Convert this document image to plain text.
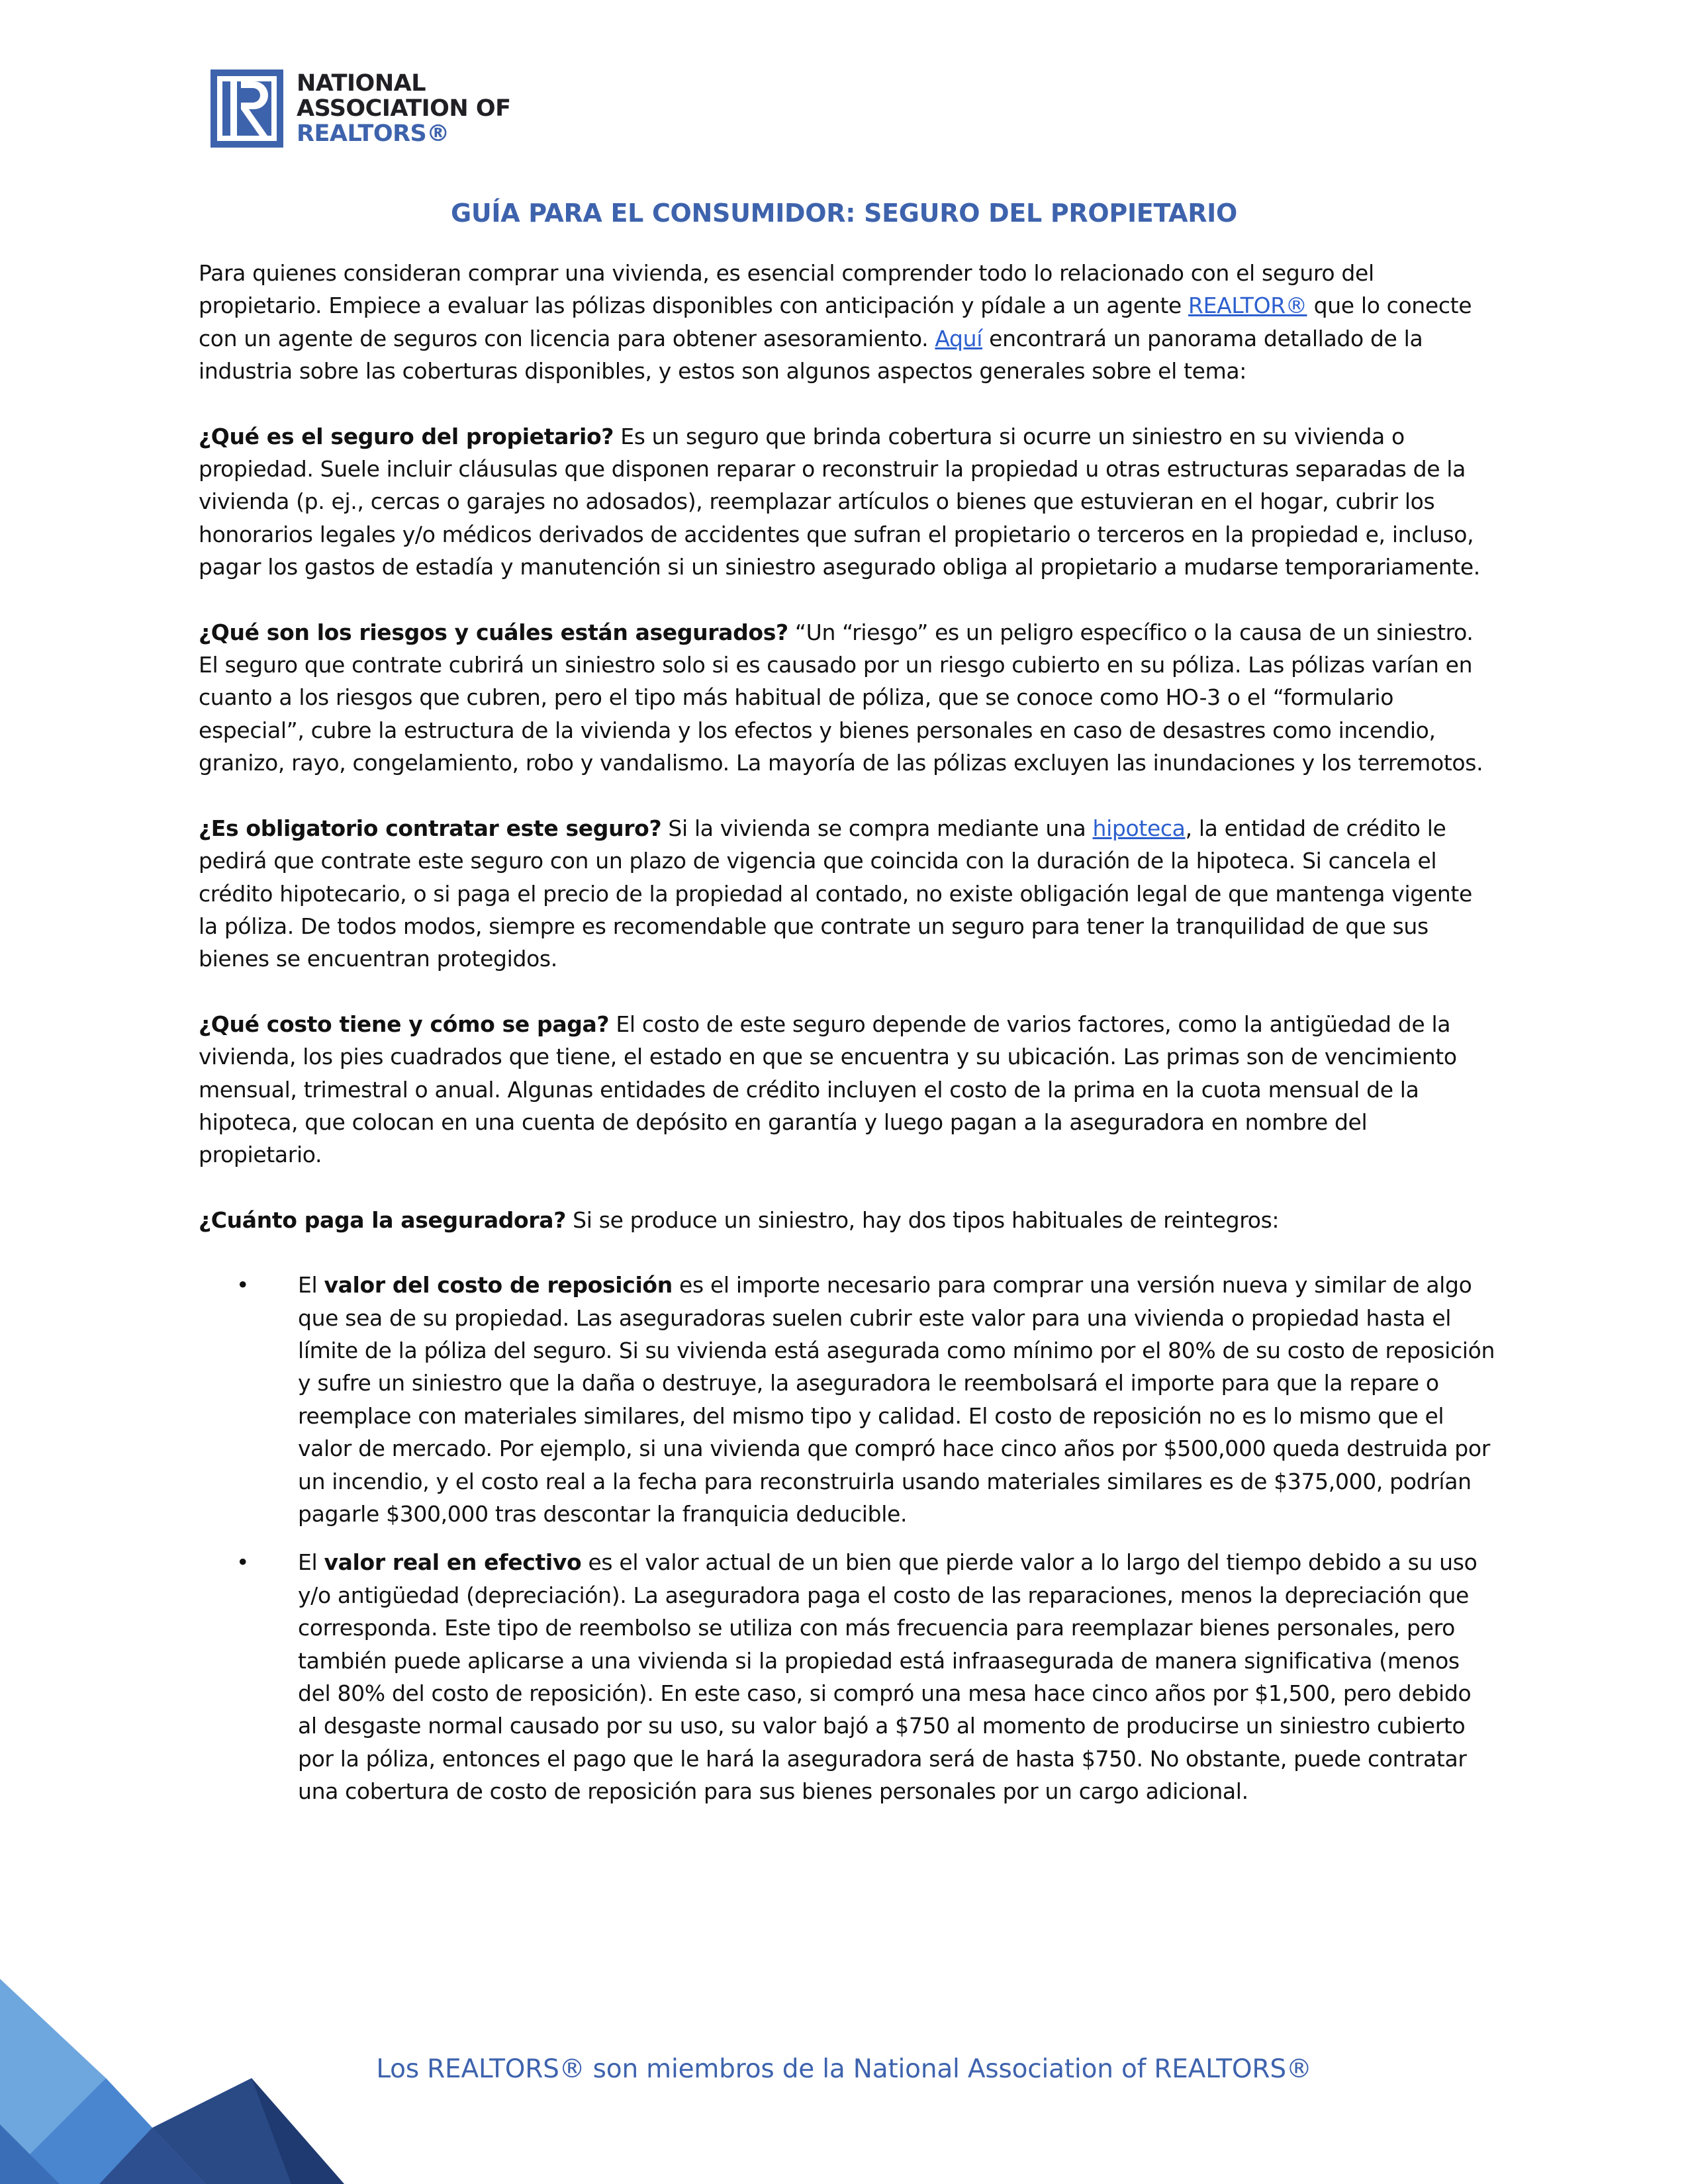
NATIONAL
ASSOCIATION OF
REALTORS®
GUÍA PARA EL CONSUMIDOR: SEGURO DEL PROPIETARIO

Para quienes consideran comprar una vivienda, es esencial comprender todo lo relacionado con el seguro del propietario. Empiece a evaluar las pólizas disponibles con anticipación y pídale a un agente REALTOR® que lo conecte con un agente de seguros con licencia para obtener asesoramiento. Aquí encontrará un panorama detallado de la industria sobre las coberturas disponibles, y estos son algunos aspectos generales sobre el tema:

¿Qué es el seguro del propietario? Es un seguro que brinda cobertura si ocurre un siniestro en su vivienda o propiedad. Suele incluir cláusulas que disponen reparar o reconstruir la propiedad u otras estructuras separadas de la vivienda (p. ej., cercas o garajes no adosados), reemplazar artículos o bienes que estuvieran en el hogar, cubrir los honorarios legales y/o médicos derivados de accidentes que sufran el propietario o terceros en la propiedad e, incluso, pagar los gastos de estadía y manutención si un siniestro asegurado obliga al propietario a mudarse temporariamente.

¿Qué son los riesgos y cuáles están asegurados? “Un “riesgo” es un peligro específico o la causa de un siniestro. El seguro que contrate cubrirá un siniestro solo si es causado por un riesgo cubierto en su póliza. Las pólizas varían en cuanto a los riesgos que cubren, pero el tipo más habitual de póliza, que se conoce como HO-3 o el “formulario especial”, cubre la estructura de la vivienda y los efectos y bienes personales en caso de desastres como incendio, granizo, rayo, congelamiento, robo y vandalismo. La mayoría de las pólizas excluyen las inundaciones y los terremotos.

¿Es obligatorio contratar este seguro? Si la vivienda se compra mediante una hipoteca, la entidad de crédito le pedirá que contrate este seguro con un plazo de vigencia que coincida con la duración de la hipoteca. Si cancela el crédito hipotecario, o si paga el precio de la propiedad al contado, no existe obligación legal de que mantenga vigente la póliza. De todos modos, siempre es recomendable que contrate un seguro para tener la tranquilidad de que sus bienes se encuentran protegidos.

¿Qué costo tiene y cómo se paga? El costo de este seguro depende de varios factores, como la antigüedad de la vivienda, los pies cuadrados que tiene, el estado en que se encuentra y su ubicación. Las primas son de vencimiento mensual, trimestral o anual. Algunas entidades de crédito incluyen el costo de la prima en la cuota mensual de la hipoteca, que colocan en una cuenta de depósito en garantía y luego pagan a la aseguradora en nombre del propietario.

¿Cuánto paga la aseguradora? Si se produce un siniestro, hay dos tipos habituales de reintegros:

• El valor del costo de reposición es el importe necesario para comprar una versión nueva y similar de algo que sea de su propiedad. Las aseguradoras suelen cubrir este valor para una vivienda o propiedad hasta el límite de la póliza del seguro. Si su vivienda está asegurada como mínimo por el 80% de su costo de reposición y sufre un siniestro que la daña o destruye, la aseguradora le reembolsará el importe para que la repare o reemplace con materiales similares, del mismo tipo y calidad. El costo de reposición no es lo mismo que el valor de mercado. Por ejemplo, si una vivienda que compró hace cinco años por $500,000 queda destruida por un incendio, y el costo real a la fecha para reconstruirla usando materiales similares es de $375,000, podrían pagarle $300,000 tras descontar la franquicia deducible.
• El valor real en efectivo es el valor actual de un bien que pierde valor a lo largo del tiempo debido a su uso y/o antigüedad (depreciación). La aseguradora paga el costo de las reparaciones, menos la depreciación que corresponda. Este tipo de reembolso se utiliza con más frecuencia para reemplazar bienes personales, pero también puede aplicarse a una vivienda si la propiedad está infraasegurada de manera significativa (menos del 80% del costo de reposición). En este caso, si compró una mesa hace cinco años por $1,500, pero debido al desgaste normal causado por su uso, su valor bajó a $750 al momento de producirse un siniestro cubierto por la póliza, entonces el pago que le hará la aseguradora será de hasta $750. No obstante, puede contratar una cobertura de costo de reposición para sus bienes personales por un cargo adicional.
Los REALTORS® son miembros de la National Association of REALTORS®
